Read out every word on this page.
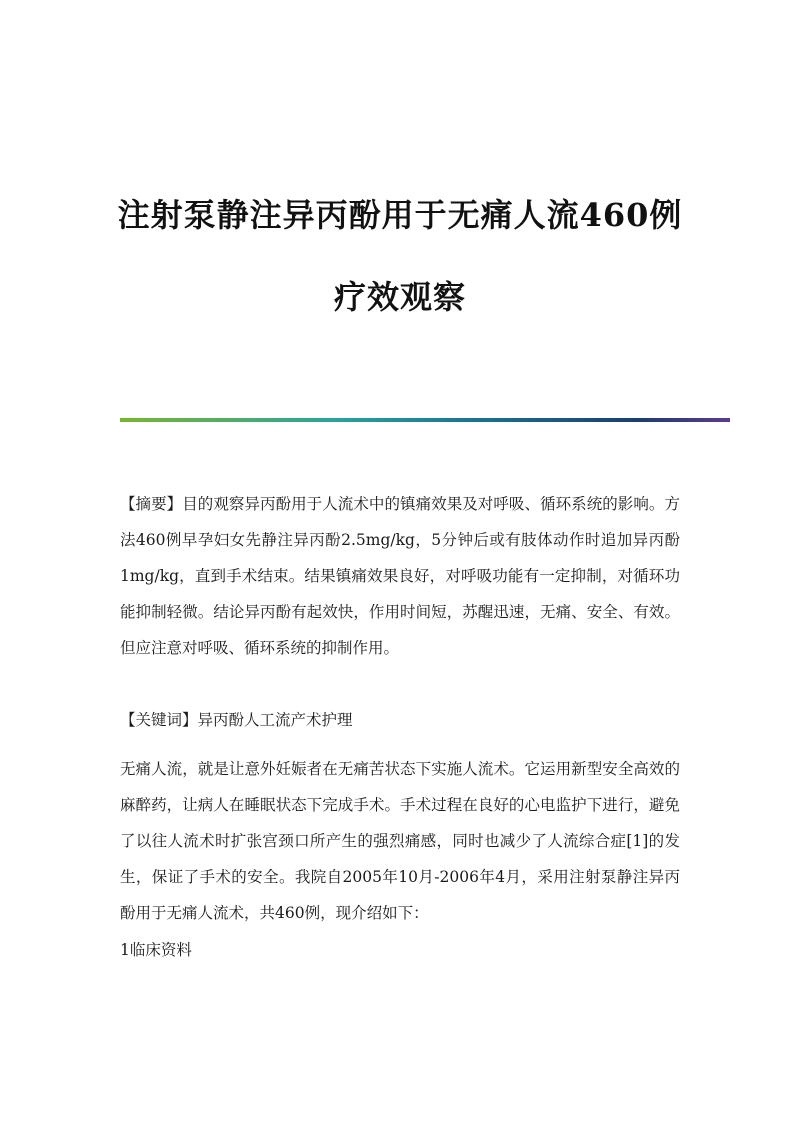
注射泵静注异丙酚用于无痛人流460例
疗效观察

【摘要】目的观察异丙酚用于人流术中的镇痛效果及对呼吸、循环系统的影响。方法460例早孕妇女先静注异丙酚2.5mg/kg，5分钟后或有肢体动作时追加异丙酚1mg/kg，直到手术结束。结果镇痛效果良好，对呼吸功能有一定抑制，对循环功能抑制轻微。结论异丙酚有起效快，作用时间短，苏醒迅速，无痛、安全、有效。但应注意对呼吸、循环系统的抑制作用。

【关键词】异丙酚人工流产术护理

无痛人流，就是让意外妊娠者在无痛苦状态下实施人流术。它运用新型安全高效的麻醉药，让病人在睡眠状态下完成手术。手术过程在良好的心电监护下进行，避免了以往人流术时扩张宫颈口所产生的强烈痛感，同时也减少了人流综合症[1]的发生，保证了手术的安全。我院自2005年10月-2006年4月，采用注射泵静注异丙酚用于无痛人流术，共460例，现介绍如下：

1临床资料
